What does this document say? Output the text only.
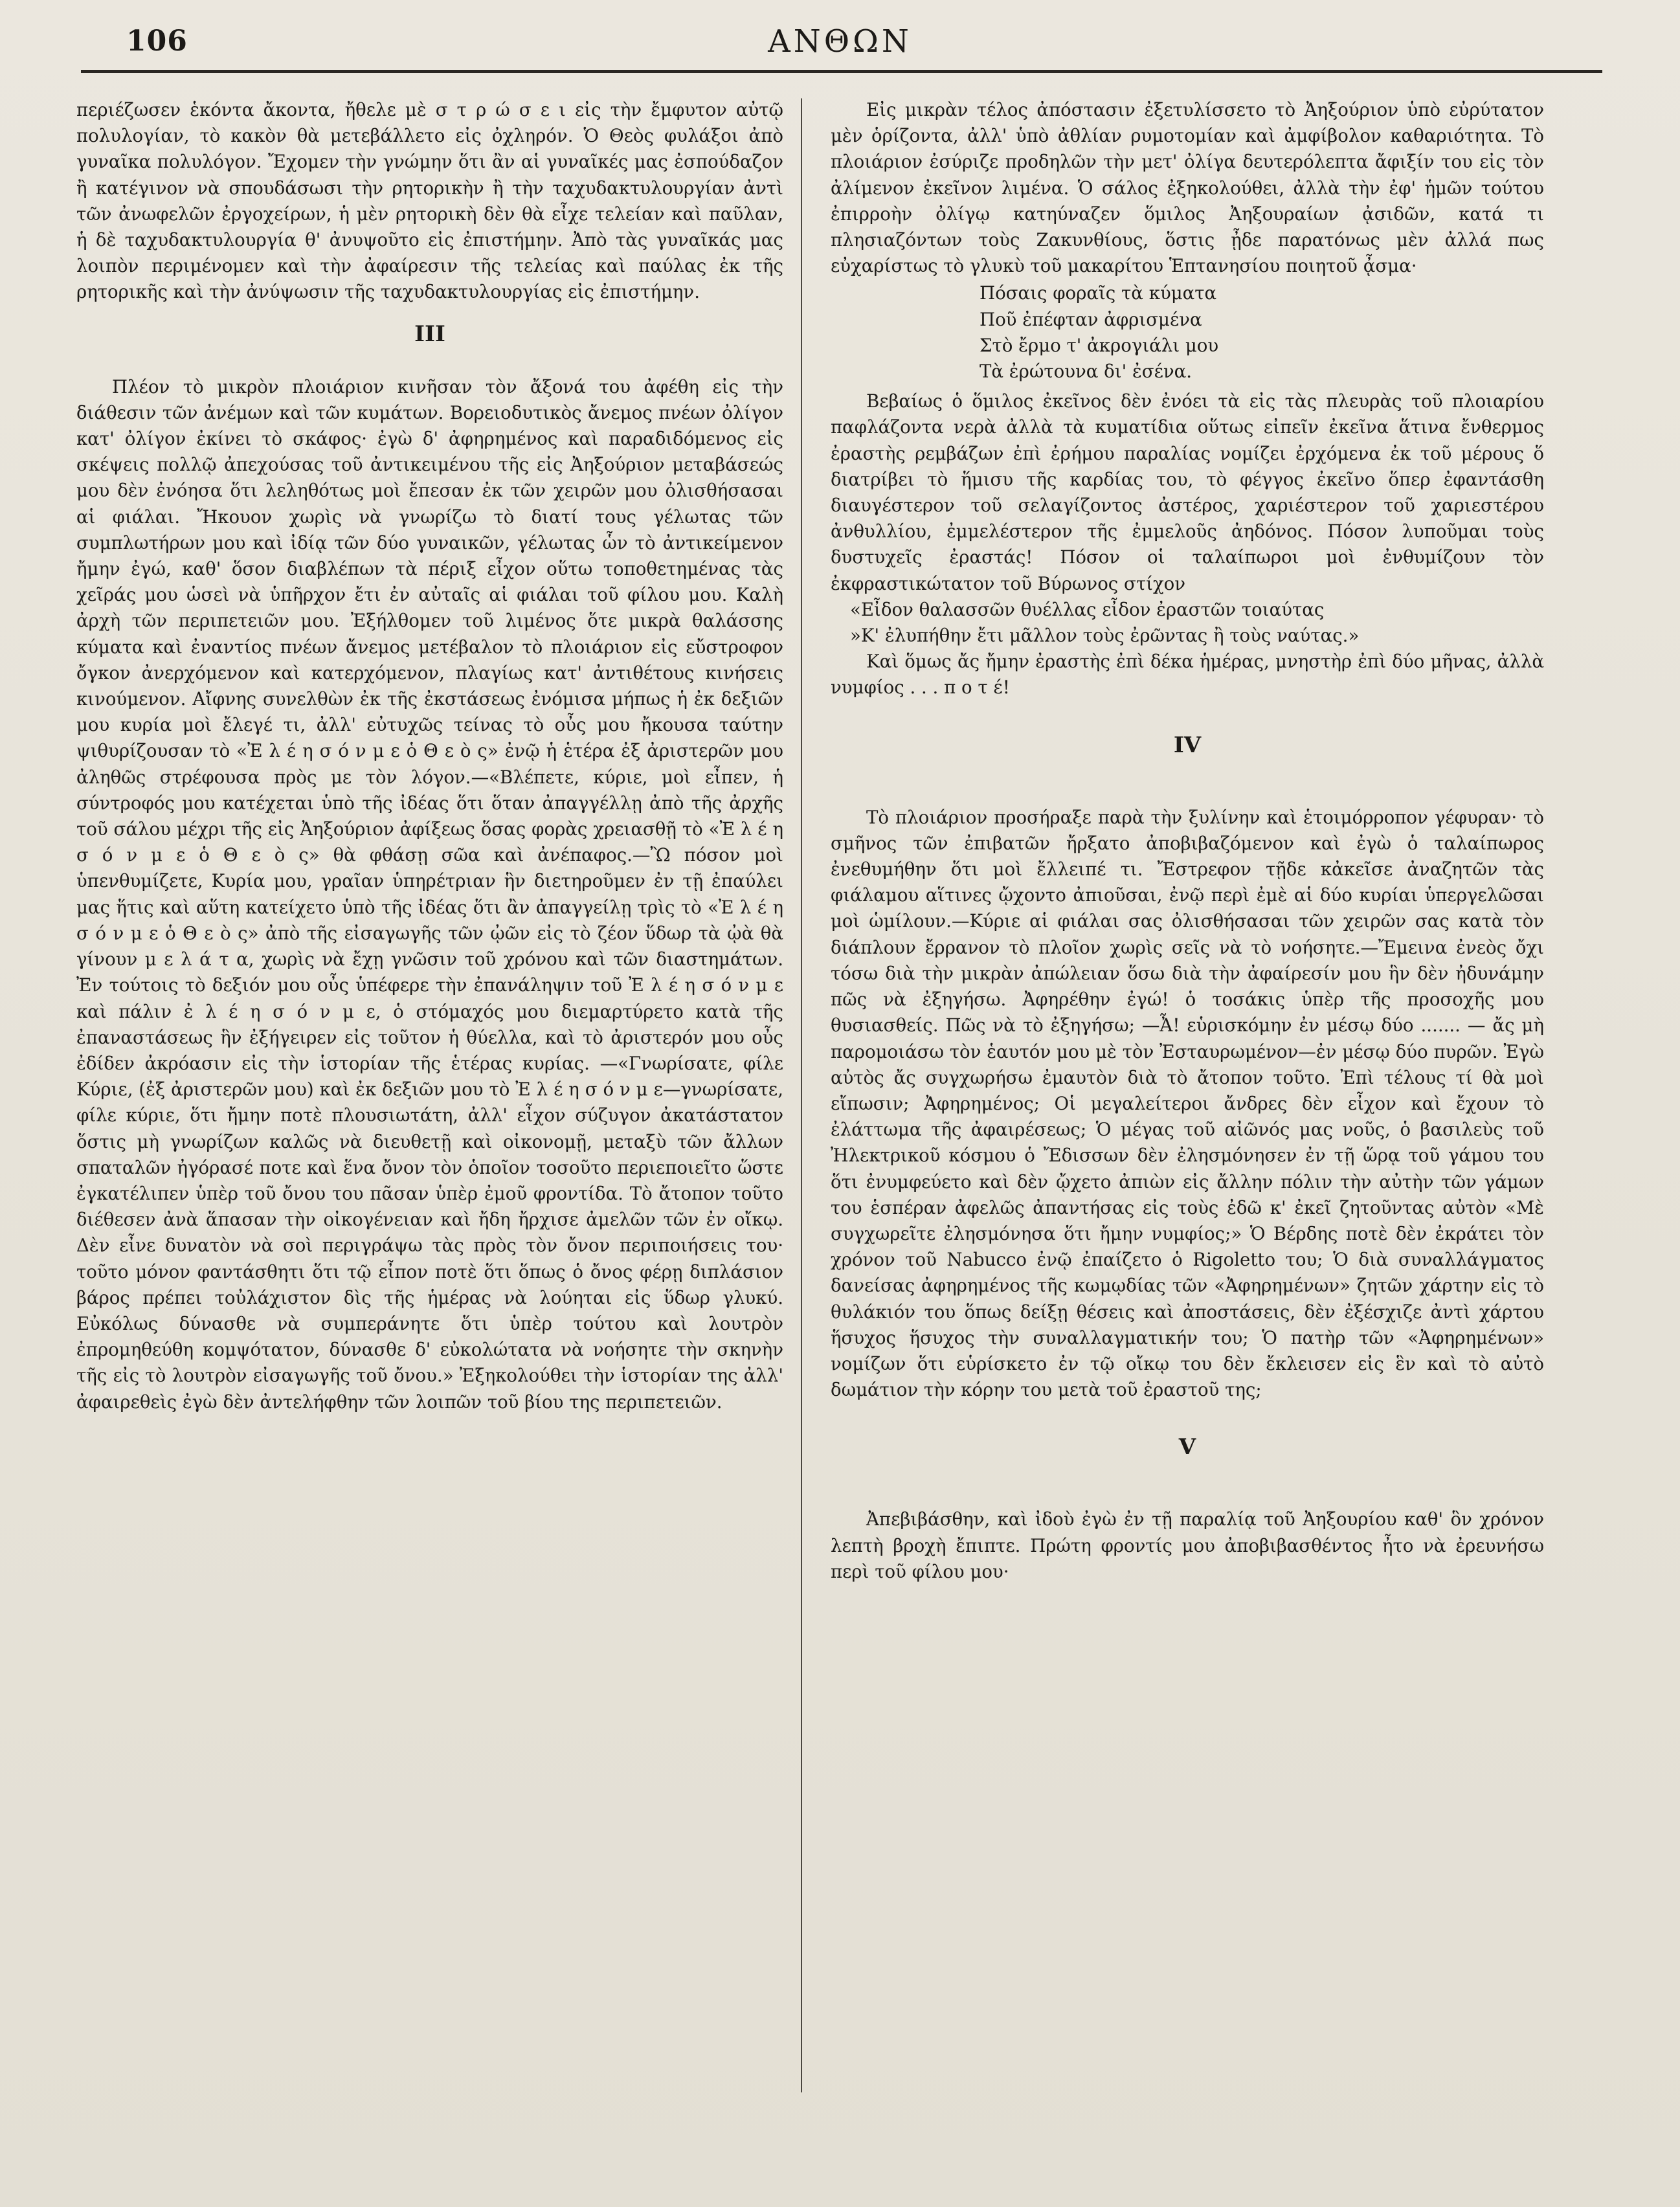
106	ΑΝΘΩΝ

περιέζωσεν ἑκόντα ἄκοντα, ἤθελε μὲ σ τ ρ ώ σ ε ι εἰς τὴν ἔμφυτον αὐτῷ πολυλογίαν, τὸ κακὸν θὰ μετεβάλλετο εἰς ὀχληρόν. Ὁ Θεὸς φυλάξοι ἀπὸ γυναῖκα πολυλόγον. Ἔχομεν τὴν γνώμην ὅτι ἂν αἱ γυναῖκές μας ἐσπούδαζον ἢ κατέγινον νὰ σπουδάσωσι τὴν ρητορικὴν ἢ τὴν ταχυδακτυλουργίαν ἀντὶ τῶν ἀνωφελῶν ἐργοχείρων, ἡ μὲν ρητορικὴ δὲν θὰ εἶχε τελείαν καὶ παῦλαν, ἡ δὲ ταχυδακτυλουργία θ' ἀνυψοῦτο εἰς ἐπιστήμην. Ἀπὸ τὰς γυναῖκάς μας λοιπὸν περιμένομεν καὶ τὴν ἀφαίρεσιν τῆς τελείας καὶ παύλας ἐκ τῆς ρητορικῆς καὶ τὴν ἀνύψωσιν τῆς ταχυδακτυλουργίας εἰς ἐπιστήμην.

III

Πλέον τὸ μικρὸν πλοιάριον κινῆσαν τὸν ἄξονά του ἀφέθη εἰς τὴν διάθεσιν τῶν ἀνέμων καὶ τῶν κυμάτων. Βορειοδυτικὸς ἄνεμος πνέων ὀλίγον κατ' ὀλίγον ἐκίνει τὸ σκάφος· ἐγὼ δ' ἀφηρημένος καὶ παραδιδόμενος εἰς σκέψεις πολλῷ ἀπεχούσας τοῦ ἀντικειμένου τῆς εἰς Ἀηξούριον μεταβάσεώς μου δὲν ἐνόησα ὅτι λεληθότως μοὶ ἔπεσαν ἐκ τῶν χειρῶν μου ὀλισθήσασαι αἱ φιάλαι. Ἤκουον χωρὶς νὰ γνωρίζω τὸ διατί τους γέλωτας τῶν συμπλωτήρων μου καὶ ἰδίᾳ τῶν δύο γυναικῶν, γέλωτας ὧν τὸ ἀντικείμενον ἤμην ἐγώ, καθ' ὅσον διαβλέπων τὰ πέριξ εἶχον οὕτω τοποθετημένας τὰς χεῖράς μου ὡσεὶ νὰ ὑπῆρχον ἔτι ἐν αὐταῖς αἱ φιάλαι τοῦ φίλου μου. Καλὴ ἀρχὴ τῶν περιπετειῶν μου. Ἐξήλθομεν τοῦ λιμένος ὅτε μικρὰ θαλάσσης κύματα καὶ ἐναντίος πνέων ἄνεμος μετέβαλον τὸ πλοιάριον εἰς εὔστροφον ὄγκον ἀνερχόμενον καὶ κατερχόμενον, πλαγίως κατ' ἀντιθέτους κινήσεις κινούμενον. Αἴφνης συνελθὼν ἐκ τῆς ἐκστάσεως ἐνόμισα μήπως ἡ ἐκ δεξιῶν μου κυρία μοὶ ἔλεγέ τι, ἀλλ' εὐτυχῶς τείνας τὸ οὖς μου ἤκουσα ταύτην ψιθυρίζουσαν τὸ «Ἐ λ έ η σ ό ν μ ε ὁ Θ ε ὸ ς» ἐνῷ ἡ ἑτέρα ἐξ ἀριστερῶν μου ἀληθῶς στρέφουσα πρὸς με τὸν λόγον.—«Βλέπετε, κύριε, μοὶ εἶπεν, ἡ σύντροφός μου κατέχεται ὑπὸ τῆς ἰδέας ὅτι ὅταν ἀπαγγέλλῃ ἀπὸ τῆς ἀρχῆς τοῦ σάλου μέχρι τῆς εἰς Ἀηξούριον ἀφίξεως ὅσας φορὰς χρειασθῇ τὸ «Ἐ λ έ η σ ό ν μ ε ὁ Θ ε ὸ ς» θὰ φθάσῃ σῶα καὶ ἀνέπαφος.—Ὢ πόσον μοὶ ὑπενθυμίζετε, Κυρία μου, γραῖαν ὑπηρέτριαν ἣν διετηροῦμεν ἐν τῇ ἐπαύλει μας ἥτις καὶ αὕτη κατείχετο ὑπὸ τῆς ἰδέας ὅτι ἂν ἀπαγγείλῃ τρὶς τὸ «Ἐ λ έ η σ ό ν μ ε ὁ Θ ε ὸ ς» ἀπὸ τῆς εἰσαγωγῆς τῶν ᾠῶν εἰς τὸ ζέον ὕδωρ τὰ ᾠὰ θὰ γίνουν μ ε λ ά τ α, χωρὶς νὰ ἔχῃ γνῶσιν τοῦ χρόνου καὶ τῶν διαστημάτων. Ἐν τούτοις τὸ δεξιόν μου οὖς ὑπέφερε τὴν ἐπανάληψιν τοῦ Ἐ λ έ η σ ό ν μ ε καὶ πάλιν ἐ λ έ η σ ό ν μ ε, ὁ στόμαχός μου διεμαρτύρετο κατὰ τῆς ἐπαναστάσεως ἣν ἐξήγειρεν εἰς τοῦτον ἡ θύελλα, καὶ τὸ ἀριστερόν μου οὖς ἐδίδεν ἀκρόασιν εἰς τὴν ἱστορίαν τῆς ἑτέρας κυρίας. —«Γνωρίσατε, φίλε Κύριε, (ἐξ ἀριστερῶν μου) καὶ ἐκ δεξιῶν μου τὸ Ἐ λ έ η σ ό ν μ ε—γνωρίσατε, φίλε κύριε, ὅτι ἤμην ποτὲ πλουσιωτάτη, ἀλλ' εἶχον σύζυγον ἀκατάστατον ὅστις μὴ γνωρίζων καλῶς νὰ διευθετῇ καὶ οἰκονομῇ, μεταξὺ τῶν ἄλλων σπαταλῶν ἠγόρασέ ποτε καὶ ἕνα ὄνον τὸν ὁποῖον τοσοῦτο περιεποιεῖτο ὥστε ἐγκατέλιπεν ὑπὲρ τοῦ ὄνου του πᾶσαν ὑπὲρ ἐμοῦ φροντίδα. Τὸ ἄτοπον τοῦτο διέθεσεν ἀνὰ ἅπασαν τὴν οἰκογένειαν καὶ ἤδη ἤρχισε ἀμελῶν τῶν ἐν οἴκῳ. Δὲν εἶνε δυνατὸν νὰ σοὶ περιγράψω τὰς πρὸς τὸν ὄνον περιποιήσεις του· τοῦτο μόνον φαντάσθητι ὅτι τῷ εἶπον ποτὲ ὅτι ὅπως ὁ ὄνος φέρῃ διπλάσιον βάρος πρέπει τοὐλάχιστον δὶς τῆς ἡμέρας νὰ λούηται εἰς ὕδωρ γλυκύ. Εὐκόλως δύνασθε νὰ συμπεράνητε ὅτι ὑπὲρ τούτου καὶ λουτρὸν ἐπρομηθεύθη κομψότατον, δύνασθε δ' εὐκολώτατα νὰ νοήσητε τὴν σκηνὴν τῆς εἰς τὸ λουτρὸν εἰσαγωγῆς τοῦ ὄνου.» Ἐξηκολούθει τὴν ἱστορίαν της ἀλλ' ἀφαιρεθεὶς ἐγὼ δὲν ἀντελήφθην τῶν λοιπῶν τοῦ βίου της περιπετειῶν.

Εἰς μικρὰν τέλος ἀπόστασιν ἐξετυλίσσετο τὸ Ἀηξούριον ὑπὸ εὐρύτατον μὲν ὁρίζοντα, ἀλλ' ὑπὸ ἀθλίαν ρυμοτομίαν καὶ ἀμφίβολον καθαριότητα. Τὸ πλοιάριον ἐσύριζε προδηλῶν τὴν μετ' ὀλίγα δευτερόλεπτα ἄφιξίν του εἰς τὸν ἀλίμενον ἐκεῖνον λιμένα. Ὁ σάλος ἐξηκολούθει, ἀλλὰ τὴν ἐφ' ἡμῶν τούτου ἐπιρροὴν ὀλίγῳ κατηύναζεν ὅμιλος Ἀηξουραίων ᾀσιδῶν, κατά τι πλησιαζόντων τοὺς Ζακυνθίους, ὅστις ᾖδε παρατόνως μὲν ἀλλά πως εὐχαρίστως τὸ γλυκὺ τοῦ μακαρίτου Ἑπτανησίου ποιητοῦ ᾆσμα·

Πόσαις φοραῖς τὰ κύματα
Ποῦ ἐπέφταν ἀφρισμένα
Στὸ ἔρμο τ' ἀκρογιάλι μου
Τὰ ἐρώτουνα δι' ἐσένα.

Βεβαίως ὁ ὅμιλος ἐκεῖνος δὲν ἐνόει τὰ εἰς τὰς πλευρὰς τοῦ πλοιαρίου παφλάζοντα νερὰ ἀλλὰ τὰ κυματίδια οὕτως εἰπεῖν ἐκεῖνα ἅτινα ἔνθερμος ἐραστὴς ρεμβάζων ἐπὶ ἐρήμου παραλίας νομίζει ἐρχόμενα ἐκ τοῦ μέρους ὅ διατρίβει τὸ ἥμισυ τῆς καρδίας του, τὸ φέγγος ἐκεῖνο ὅπερ ἐφαντάσθη διαυγέστερον τοῦ σελαγίζοντος ἀστέρος, χαριέστερον τοῦ χαριεστέρου ἀνθυλλίου, ἐμμελέστερον τῆς ἐμμελοῦς ἀηδόνος. Πόσον λυποῦμαι τοὺς δυστυχεῖς ἐραστάς! Πόσον οἱ ταλαίπωροι μοὶ ἐνθυμίζουν τὸν ἐκφραστικώτατον τοῦ Βύρωνος στίχον

«Εἶδον θαλασσῶν θυέλλας εἶδον ἐραστῶν τοιαύτας
»Κ' ἐλυπήθην ἔτι μᾶλλον τοὺς ἐρῶντας ἢ τοὺς ναύτας.»

Καὶ ὅμως ἄς ἤμην ἐραστὴς ἐπὶ δέκα ἡμέρας, μνηστὴρ ἐπὶ δύο μῆνας, ἀλλὰ νυμφίος . . . π ο τ έ!

IV

Τὸ πλοιάριον προσήραξε παρὰ τὴν ξυλίνην καὶ ἑτοιμόρροπον γέφυραν· τὸ σμῆνος τῶν ἐπιβατῶν ἤρξατο ἀποβιβαζόμενον καὶ ἐγὼ ὁ ταλαίπωρος ἐνεθυμήθην ὅτι μοὶ ἔλλειπέ τι. Ἔστρεφον τῇδε κἀκεῖσε ἀναζητῶν τὰς φιάλαμου αἵτινες ᾤχοντο ἀπιοῦσαι, ἐνῷ περὶ ἐμὲ αἱ δύο κυρίαι ὑπεργελῶσαι μοὶ ὡμίλουν.—Κύριε αἱ φιάλαι σας ὀλισθήσασαι τῶν χειρῶν σας κατὰ τὸν διάπλουν ἔρρανον τὸ πλοῖον χωρὶς σεῖς νὰ τὸ νοήσητε.—Ἔμεινα ἐνεὸς ὄχι τόσω διὰ τὴν μικρὰν ἀπώλειαν ὅσω διὰ τὴν ἀφαίρεσίν μου ἣν δὲν ἠδυνάμην πῶς νὰ ἐξηγήσω. Ἀφηρέθην ἐγώ! ὁ τοσάκις ὑπὲρ τῆς προσοχῆς μου θυσιασθείς. Πῶς νὰ τὸ ἐξηγήσω; —Ἆ! εὑρισκόμην ἐν μέσῳ δύο ....... — ἄς μὴ παρομοιάσω τὸν ἑαυτόν μου μὲ τὸν Ἐσταυρωμένον—ἐν μέσῳ δύο πυρῶν. Ἐγὼ αὐτὸς ἄς συγχωρήσω ἐμαυτὸν διὰ τὸ ἄτοπον τοῦτο. Ἐπὶ τέλους τί θὰ μοὶ εἴπωσιν; Ἀφηρημένος; Οἱ μεγαλείτεροι ἄνδρες δὲν εἶχον καὶ ἔχουν τὸ ἐλάττωμα τῆς ἀφαιρέσεως; Ὁ μέγας τοῦ αἰῶνός μας νοῦς, ὁ βασιλεὺς τοῦ Ἠλεκτρικοῦ κόσμου ὁ Ἔδισσων δὲν ἐλησμόνησεν ἐν τῇ ὥρᾳ τοῦ γάμου του ὅτι ἐνυμφεύετο καὶ δὲν ᾤχετο ἀπιὼν εἰς ἄλλην πόλιν τὴν αὐτὴν τῶν γάμων του ἑσπέραν ἀφελῶς ἀπαντήσας εἰς τοὺς ἐδῶ κ' ἐκεῖ ζητοῦντας αὐτὸν «Μὲ συγχωρεῖτε ἐλησμόνησα ὅτι ἤμην νυμφίος;» Ὁ Βέρδης ποτὲ δὲν ἐκράτει τὸν χρόνον τοῦ Nabucco ἐνῷ ἐπαίζετο ὁ Rigoletto του; Ὁ διὰ συναλλάγματος δανείσας ἀφηρημένος τῆς κωμῳδίας τῶν «Ἀφηρημένων» ζητῶν χάρτην εἰς τὸ θυλάκιόν του ὅπως δείξῃ θέσεις καὶ ἀποστάσεις, δὲν ἐξέσχιζε ἀντὶ χάρτου ἥσυχος ἥσυχος τὴν συναλλαγματικήν του; Ὁ πατὴρ τῶν «Ἀφηρημένων» νομίζων ὅτι εὑρίσκετο ἐν τῷ οἴκῳ του δὲν ἔκλεισεν εἰς ἓν καὶ τὸ αὐτὸ δωμάτιον τὴν κόρην του μετὰ τοῦ ἐραστοῦ της;

V

Ἀπεβιβάσθην, καὶ ἰδοὺ ἐγὼ ἐν τῇ παραλίᾳ τοῦ Ἀηξουρίου καθ' ὃν χρόνον λεπτὴ βροχὴ ἔπιπτε. Πρώτη φροντίς μου ἀποβιβασθέντος ἦτο νὰ ἐρευνήσω περὶ τοῦ φίλου μου·
